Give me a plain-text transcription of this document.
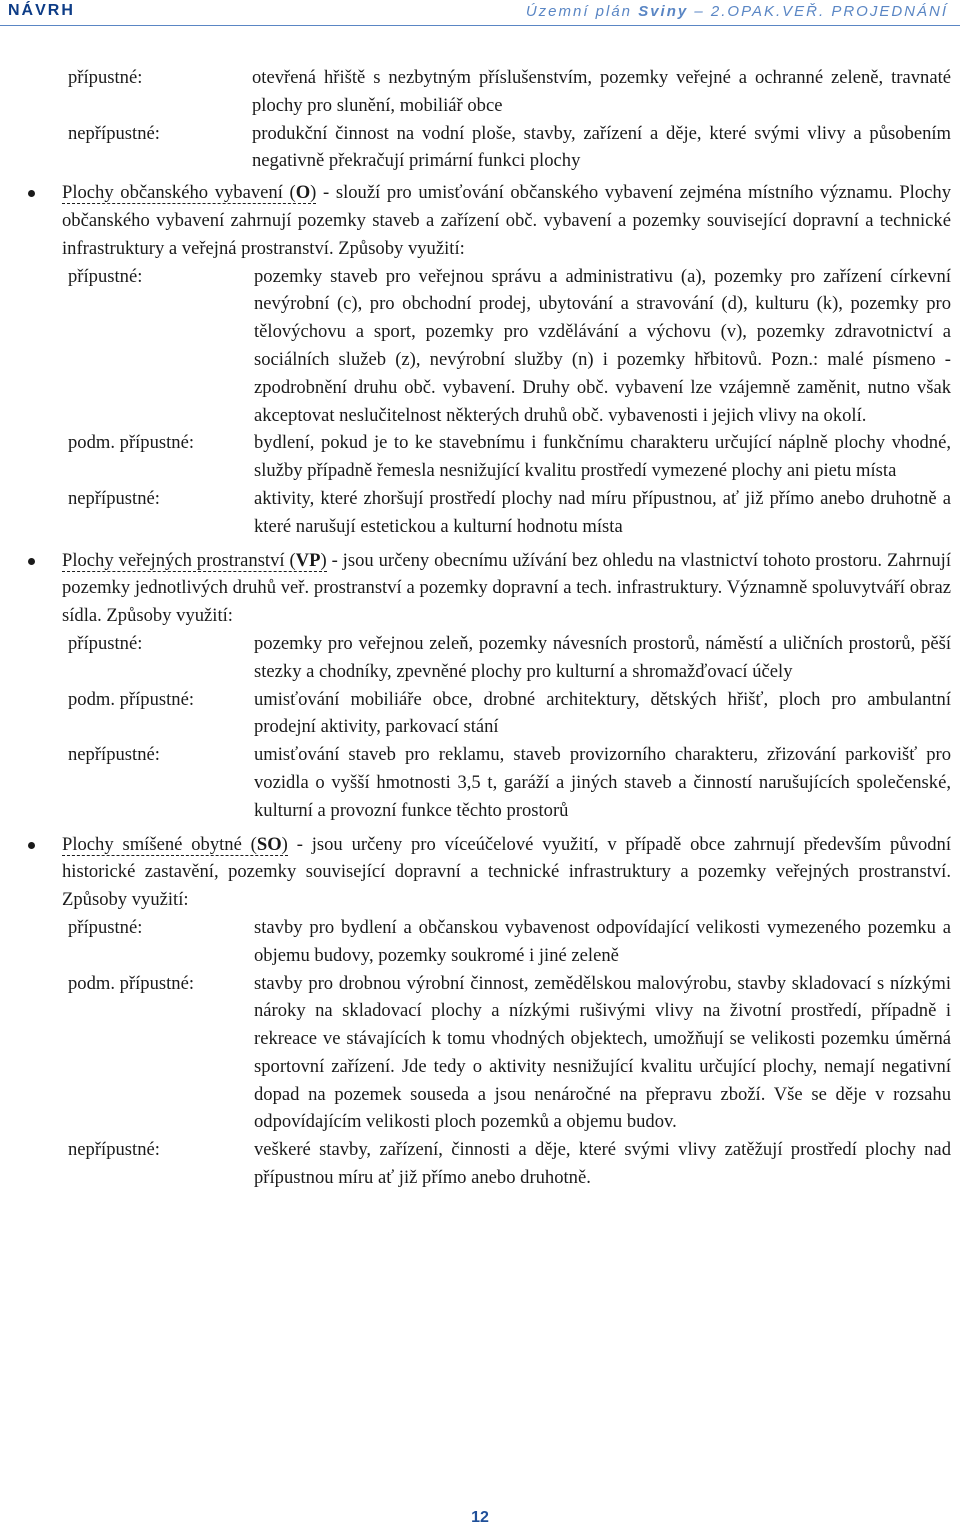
NÁVRH	Územní plán Sviny – 2.OPAK.VEŘ. PROJEDNÁNÍ
přípustné:	otevřená hřiště s nezbytným příslušenstvím, pozemky veřejné a ochranné zeleně, travnaté plochy pro slunění, mobiliář obce
nepřípustné:	produkční činnost na vodní ploše, stavby, zařízení a děje, které svými vlivy a působením negativně překračují primární funkci plochy
Plochy občanského vybavení (O) - slouží pro umisťování občanského vybavení zejména místního významu. Plochy občanského vybavení zahrnují pozemky staveb a zařízení obč. vybavení a pozemky související dopravní a technické infrastruktury a veřejná prostranství. Způsoby využití:
přípustné:	pozemky staveb pro veřejnou správu a administrativu (a), pozemky pro zařízení církevní nevýrobní (c), pro obchodní prodej, ubytování a stravování (d), kulturu (k), pozemky pro tělovýchovu a sport, pozemky pro vzdělávání a výchovu (v), pozemky zdravotnictví a sociálních služeb (z), nevýrobní služby (n) i pozemky hřbitovů. Pozn.: malé písmeno - zpodrobnění druhu obč. vybavení. Druhy obč. vybavení lze vzájemně zaměnit, nutno však akceptovat neslučitelnost některých druhů obč. vybavenosti i jejich vlivy na okolí.
podm. přípustné:	bydlení, pokud je to ke stavebnímu i funkčnímu charakteru určující náplně plochy vhodné, služby případně řemesla nesnižující kvalitu prostředí vymezené plochy ani pietu místa
nepřípustné:	aktivity, které zhoršují prostředí plochy nad míru přípustnou, ať již přímo anebo druhotně a které narušují estetickou a kulturní hodnotu místa
Plochy veřejných prostranství (VP) - jsou určeny obecnímu užívání bez ohledu na vlastnictví tohoto prostoru. Zahrnují pozemky jednotlivých druhů veř. prostranství a pozemky dopravní a tech. infrastruktury. Významně spoluvytváří obraz sídla. Způsoby využití:
přípustné:	pozemky pro veřejnou zeleň, pozemky návesních prostorů, náměstí a uličních prostorů, pěší stezky a chodníky, zpevněné plochy pro kulturní a shromažďovací účely
podm. přípustné:	umisťování mobiliáře obce, drobné architektury, dětských hřišť, ploch pro ambulantní prodejní aktivity, parkovací stání
nepřípustné:	umisťování staveb pro reklamu, staveb provizorního charakteru, zřizování parkovišť pro vozidla o vyšší hmotnosti 3,5 t, garáží a jiných staveb a činností narušujících společenské, kulturní a provozní funkce těchto prostorů
Plochy smíšené obytné (SO) - jsou určeny pro víceúčelové využití, v případě obce zahrnují především původní historické zastavění, pozemky související dopravní a technické infrastruktury a pozemky veřejných prostranství. Způsoby využití:
přípustné:	stavby pro bydlení a občanskou vybavenost odpovídající velikosti vymezeného pozemku a objemu budovy, pozemky soukromé i jiné zeleně
podm. přípustné:	stavby pro drobnou výrobní činnost, zemědělskou malovýrobu, stavby skladovací s nízkými nároky na skladovací plochy a nízkými rušivými vlivy na životní prostředí, případně i rekreace ve stávajících k tomu vhodných objektech, umožňují se velikosti pozemku úměrná sportovní zařízení. Jde tedy o aktivity nesnižující kvalitu určující plochy, nemají negativní dopad na pozemek souseda a jsou nenáročné na přepravu zboží. Vše se děje v rozsahu odpovídajícím velikosti ploch pozemků a objemu budov.
nepřípustné:	veškeré stavby, zařízení, činnosti a děje, které svými vlivy zatěžují prostředí plochy nad přípustnou míru ať již přímo anebo druhotně.
12
